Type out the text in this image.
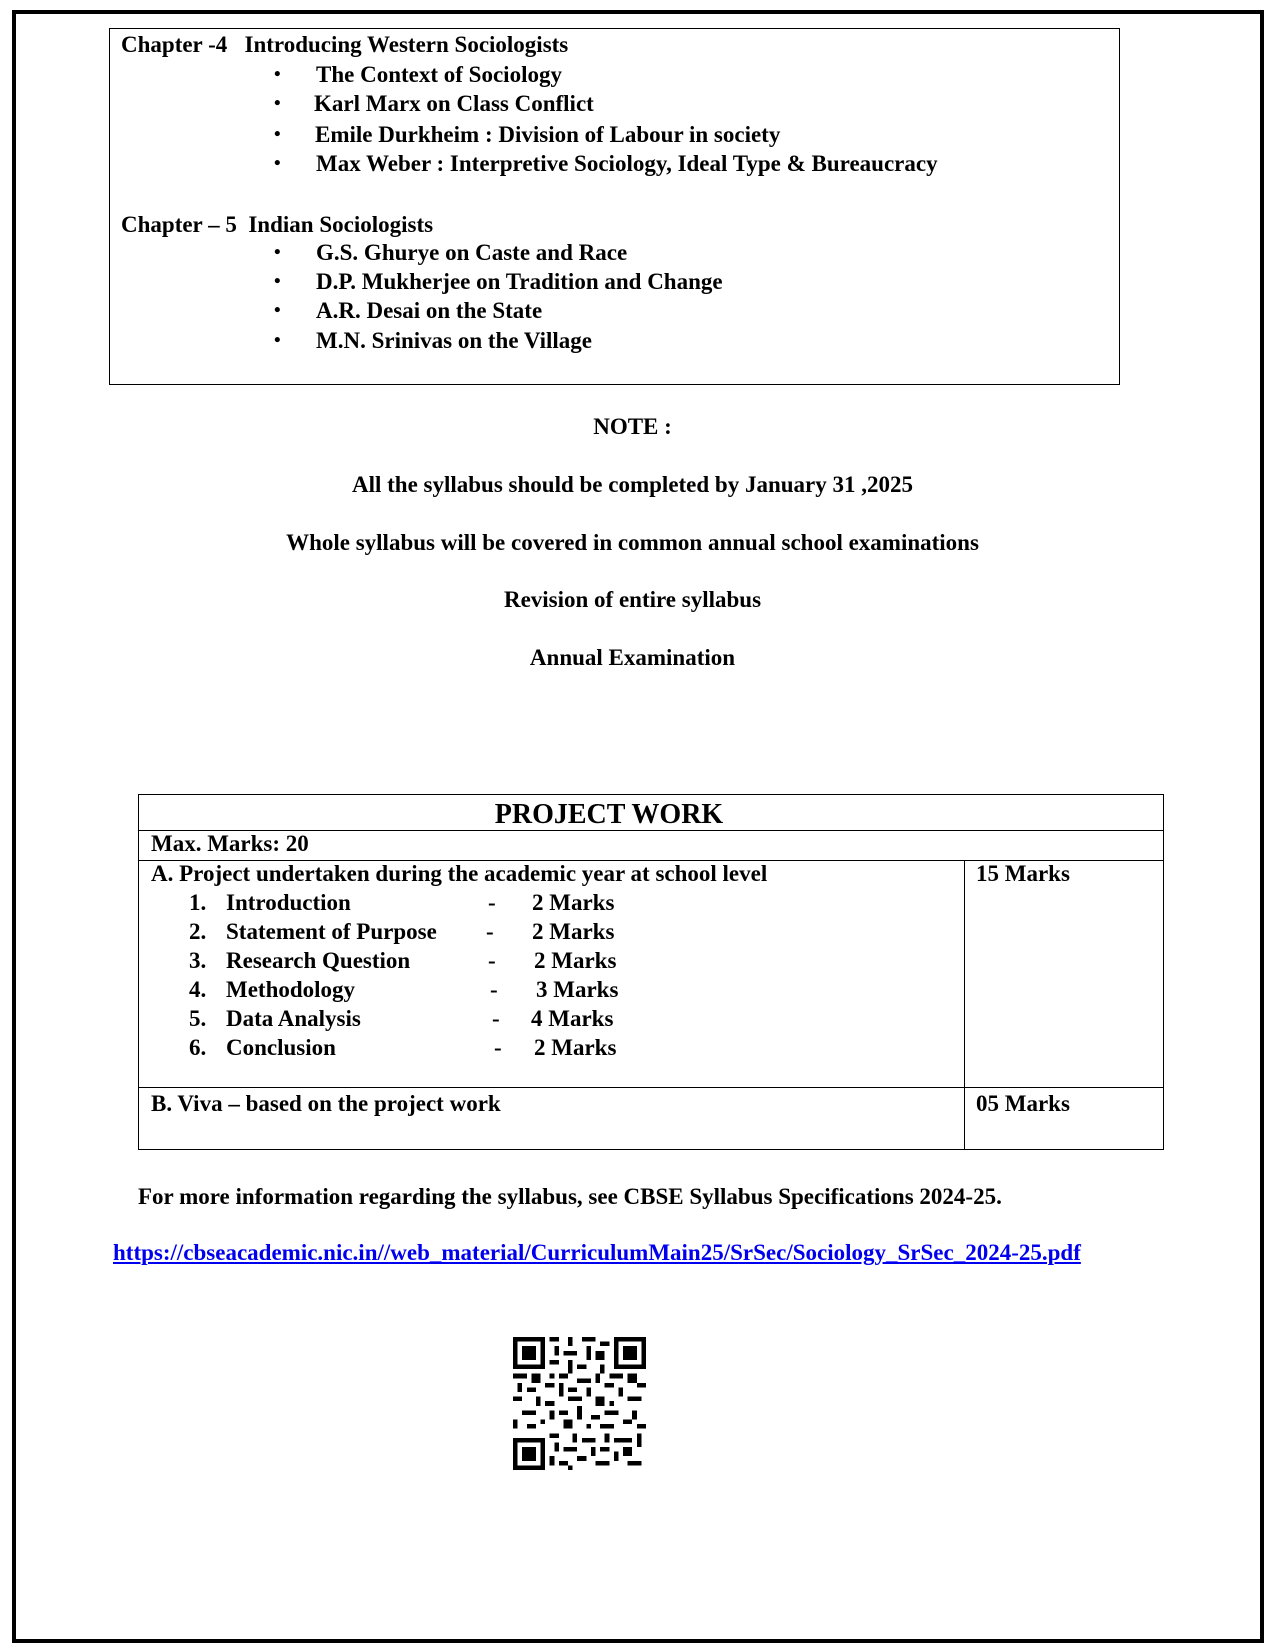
Chapter -4   Introducing Western Sociologists
• The Context of Sociology
• Karl Marx on Class Conflict
• Emile Durkheim : Division of Labour in society
• Max Weber : Interpretive Sociology, Ideal Type & Bureaucracy
Chapter – 5  Indian Sociologists
• G.S. Ghurye on Caste and Race
• D.P. Mukherjee on Tradition and Change
• A.R. Desai on the State
• M.N. Srinivas on the Village
NOTE :
All the syllabus should be completed by January 31 ,2025
Whole syllabus will be covered in common annual school examinations
Revision of entire syllabus
Annual Examination
PROJECT WORK
Max. Marks: 20
A. Project undertaken during the academic year at school level	15 Marks
1. Introduction	- 2 Marks
2. Statement of Purpose - 2 Marks
3. Research Question	- 2 Marks
4. Methodology	- 3 Marks
5. Data Analysis	- 4 Marks
6. Conclusion	- 2 Marks
B. Viva – based on the project work	05 Marks
For more information regarding the syllabus, see CBSE Syllabus Specifications 2024-25.
https://cbseacademic.nic.in//web_material/CurriculumMain25/SrSec/Sociology_SrSec_2024-25.pdf
